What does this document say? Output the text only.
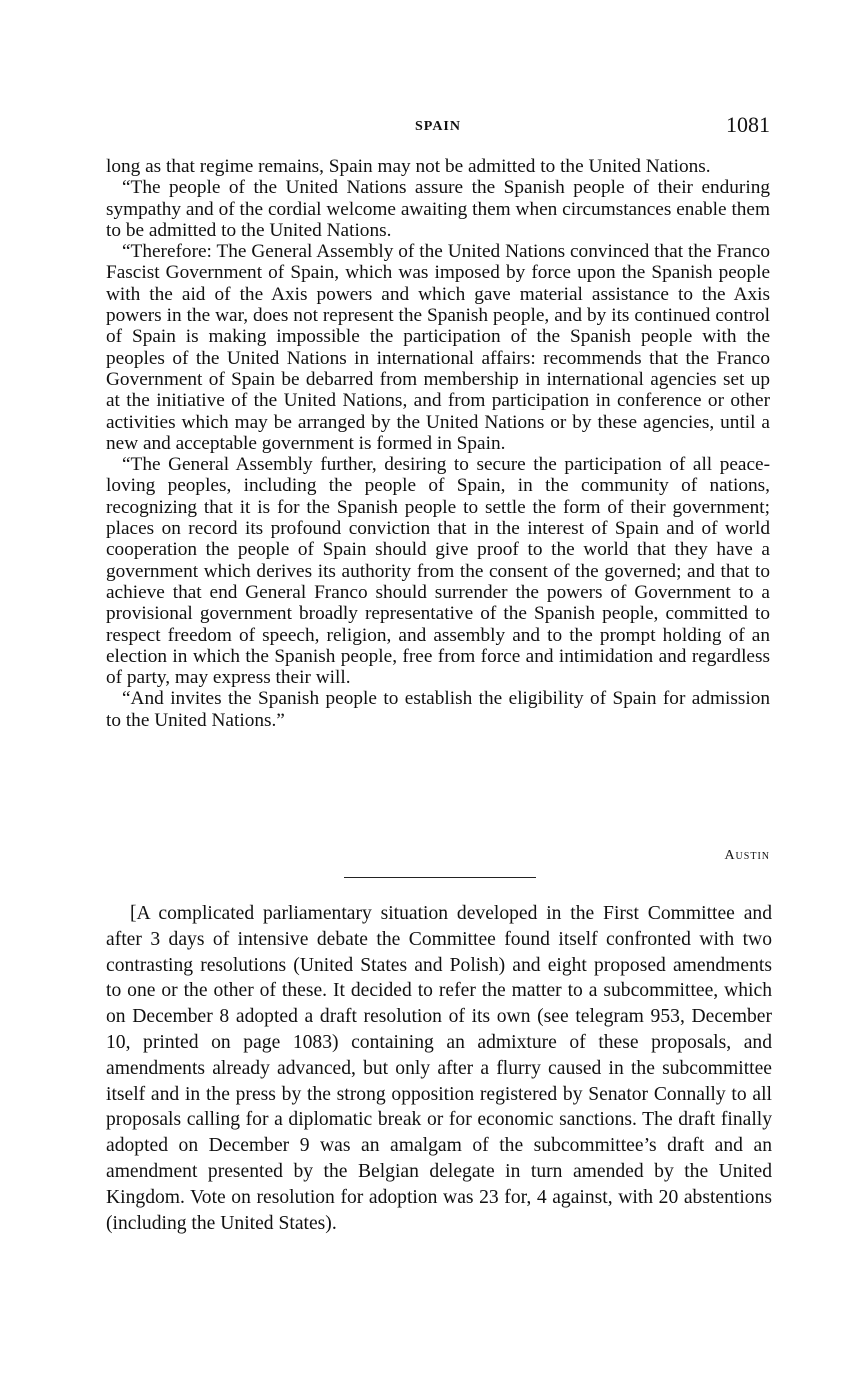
SPAIN	1081

long as that regime remains, Spain may not be admitted to the United Nations.

“The people of the United Nations assure the Spanish people of their enduring sympathy and of the cordial welcome awaiting them when circumstances enable them to be admitted to the United Nations.

“Therefore: The General Assembly of the United Nations convinced that the Franco Fascist Government of Spain, which was imposed by force upon the Spanish people with the aid of the Axis powers and which gave material assistance to the Axis powers in the war, does not represent the Spanish people, and by its continued control of Spain is making impossible the participation of the Spanish people with the peoples of the United Nations in international affairs: recommends that the Franco Government of Spain be debarred from membership in international agencies set up at the initiative of the United Nations, and from participation in conference or other activities which may be arranged by the United Nations or by these agencies, until a new and acceptable government is formed in Spain.

“The General Assembly further, desiring to secure the participation of all peace-loving peoples, including the people of Spain, in the community of nations, recognizing that it is for the Spanish people to settle the form of their government; places on record its profound conviction that in the interest of Spain and of world cooperation the people of Spain should give proof to the world that they have a government which derives its authority from the consent of the governed; and that to achieve that end General Franco should surrender the powers of Government to a provisional government broadly representative of the Spanish people, committed to respect freedom of speech, religion, and assembly and to the prompt holding of an election in which the Spanish people, free from force and intimidation and regardless of party, may express their will.

“And invites the Spanish people to establish the eligibility of Spain for admission to the United Nations.”

Austin

[A complicated parliamentary situation developed in the First Committee and after 3 days of intensive debate the Committee found itself confronted with two contrasting resolutions (United States and Polish) and eight proposed amendments to one or the other of these. It decided to refer the matter to a subcommittee, which on December 8 adopted a draft resolution of its own (see telegram 953, December 10, printed on page 1083) containing an admixture of these proposals, and amendments already advanced, but only after a flurry caused in the subcommittee itself and in the press by the strong opposition registered by Senator Connally to all proposals calling for a diplomatic break or for economic sanctions. The draft finally adopted on December 9 was an amalgam of the subcommittee’s draft and an amendment presented by the Belgian delegate in turn amended by the United Kingdom. Vote on resolution for adoption was 23 for, 4 against, with 20 abstentions (including the United States).
